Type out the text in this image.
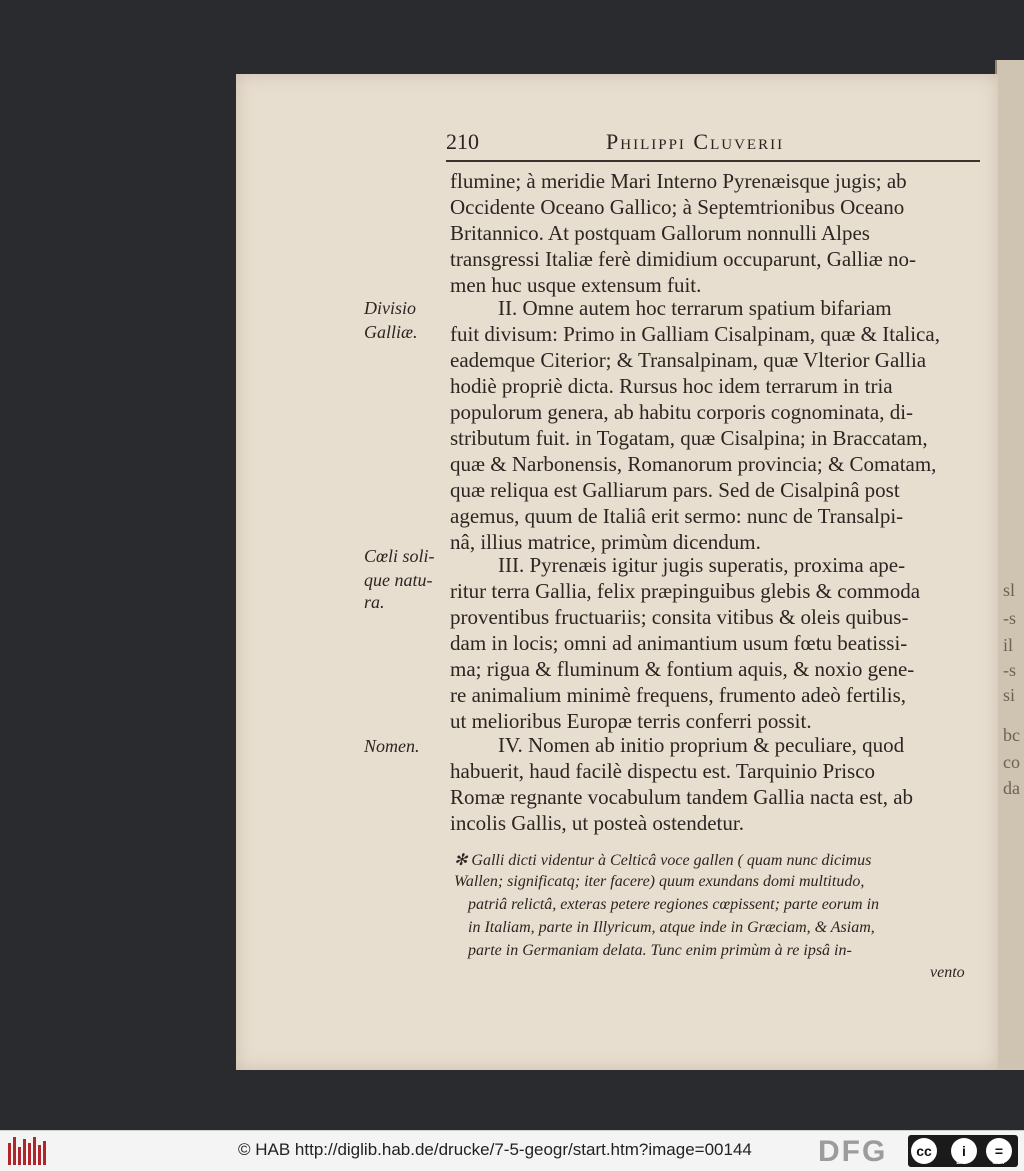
sl
-s
il
-s
si
bc
co
da
210	Philippi Cluverii
flumine; à meridie Mari Interno Pyrenæisque jugis; ab
Occidente Oceano Gallico; à Septemtrionibus Oceano
Britannico. At postquam Gallorum nonnulli Alpes
transgressi Italiæ ferè dimidium occuparunt, Galliæ no-
men huc usque extensum fuit.
II. Omne autem hoc terrarum spatium bifariam
fuit divisum: Primo in Galliam Cisalpinam, quæ & Italica,
eademque Citerior; & Transalpinam, quæ Vlterior Gallia
hodiè propriè dicta. Rursus hoc idem terrarum in tria
populorum genera, ab habitu corporis cognominata, di-
stributum fuit. in Togatam, quæ Cisalpina; in Braccatam,
quæ & Narbonensis, Romanorum provincia; & Comatam,
quæ reliqua est Galliarum pars. Sed de Cisalpinâ post
agemus, quum de Italiâ erit sermo: nunc de Transalpi-
nâ, illius matrice, primùm dicendum.
III. Pyrenæis igitur jugis superatis, proxima ape-
ritur terra Gallia, felix præpinguibus glebis & commoda
proventibus fructuariis; consita vitibus & oleis quibus-
dam in locis; omni ad animantium usum fœtu beatissi-
ma; rigua & fluminum & fontium aquis, & noxio gene-
re animalium minimè frequens, frumento adeò fertilis,
ut melioribus Europæ terris conferri possit.
IV. Nomen ab initio proprium & peculiare, quod
habuerit, haud facilè dispectu est. Tarquinio Prisco
Romæ regnante vocabulum tandem Gallia nacta est, ab
incolis Gallis, ut posteà ostendetur.
Divisio
Galliæ.
Cœli soli-
que natu-
ra.
Nomen.
✻ Galli dicti videntur à Celticâ voce gallen ( quam nunc dicimus
Wallen; significatq; iter facere) quum exundans domi multitudo,
patriâ relictâ, exteras petere regiones cœpissent; parte eorum in
in Italiam, parte in Illyricum, atque inde in Græciam, & Asiam,
parte in Germaniam delata. Tunc enim primùm à re ipsâ in-
vento
© HAB http://diglib.hab.de/drucke/7-5-geogr/start.htm?image=00144 DFG	cc	i	=
BY	SA
